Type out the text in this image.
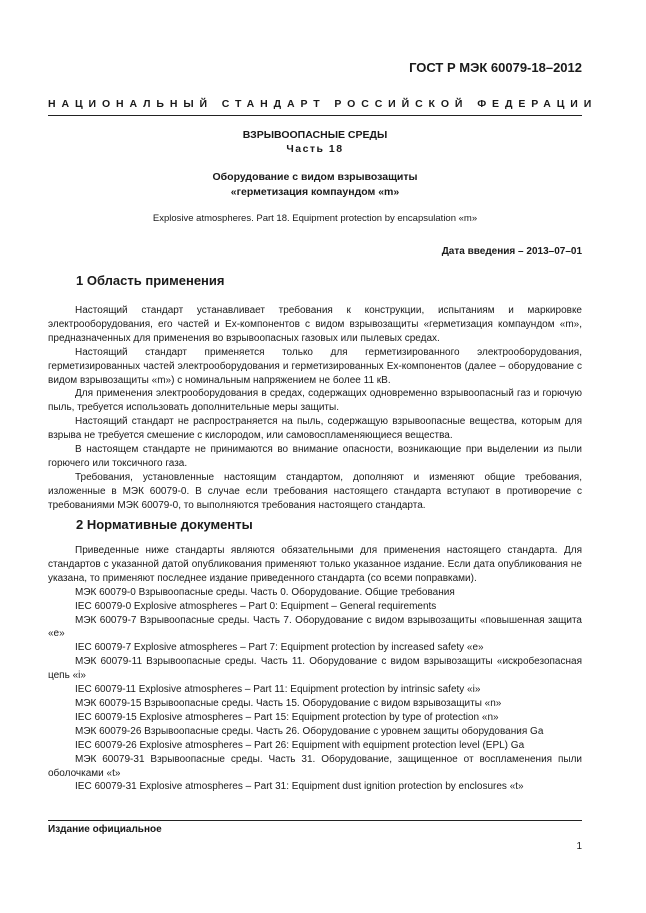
ГОСТ Р МЭК 60079-18–2012
НАЦИОНАЛЬНЫЙ СТАНДАРТ РОССИЙСКОЙ ФЕДЕРАЦИИ
ВЗРЫВООПАСНЫЕ СРЕДЫ
Часть 18
Оборудование с видом взрывозащиты
«герметизация компаундом «m»
Explosive atmospheres. Part 18. Equipment protection by encapsulation «m»
Дата введения – 2013–07–01
1 Область применения

Настоящий стандарт устанавливает требования к конструкции, испытаниям и маркировке электрооборудования, его частей и Ex-компонентов с видом взрывозащиты «герметизация компаундом «m», предназначенных для применения во взрывоопасных газовых или пылевых средах.

Настоящий стандарт применяется только для герметизированного электрооборудования, герметизированных частей электрооборудования и герметизированных Ex-компонентов (далее – оборудование с видом взрывозащиты «m») с номинальным напряжением не более 11 кВ.

Для применения электрооборудования в средах, содержащих одновременно взрывоопасный газ и горючую пыль, требуется использовать дополнительные меры защиты.

Настоящий стандарт не распространяется на пыль, содержащую взрывоопасные вещества, которым для взрыва не требуется смешение с кислородом, или самовоспламеняющиеся вещества.

В настоящем стандарте не принимаются во внимание опасности, возникающие при выделении из пыли горючего или токсичного газа.

Требования, установленные настоящим стандартом, дополняют и изменяют общие требования, изложенные в МЭК 60079-0. В случае если требования настоящего стандарта вступают в противоречие с требованиями МЭК 60079-0, то выполняются требования настоящего стандарта.

2 Нормативные документы

Приведенные ниже стандарты являются обязательными для применения настоящего стандарта. Для стандартов с указанной датой опубликования применяют только указанное издание. Если дата опубликования не указана, то применяют последнее издание приведенного стандарта (со всеми поправками).

МЭК 60079-0 Взрывоопасные среды. Часть 0. Оборудование. Общие требования

IEC 60079-0 Explosive atmospheres – Part 0: Equipment – General requirements

МЭК 60079-7 Взрывоопасные среды. Часть 7. Оборудование с видом взрывозащиты «повышенная защита «е»

IEC 60079-7 Explosive atmospheres – Part 7: Equipment protection by increased safety «e»

МЭК 60079-11 Взрывоопасные среды. Часть 11. Оборудование с видом взрывозащиты «искробезопасная цепь «i»

IEC 60079-11 Explosive atmospheres – Part 11: Equipment protection by intrinsic safety «i»

МЭК 60079-15 Взрывоопасные среды. Часть 15. Оборудование с видом взрывозащиты «n»

IEC 60079-15 Explosive atmospheres – Part 15: Equipment protection by type of protection «n»

МЭК 60079-26 Взрывоопасные среды. Часть 26. Оборудование с уровнем защиты оборудования Ga

IEC 60079-26 Explosive atmospheres – Part 26: Equipment with equipment protection level (EPL) Ga

МЭК 60079-31 Взрывоопасные среды. Часть 31. Оборудование, защищенное от воспламенения пыли оболочками «t»

IEC 60079-31 Explosive atmospheres – Part 31: Equipment dust ignition protection by enclosures «t»

Издание официальное
1
